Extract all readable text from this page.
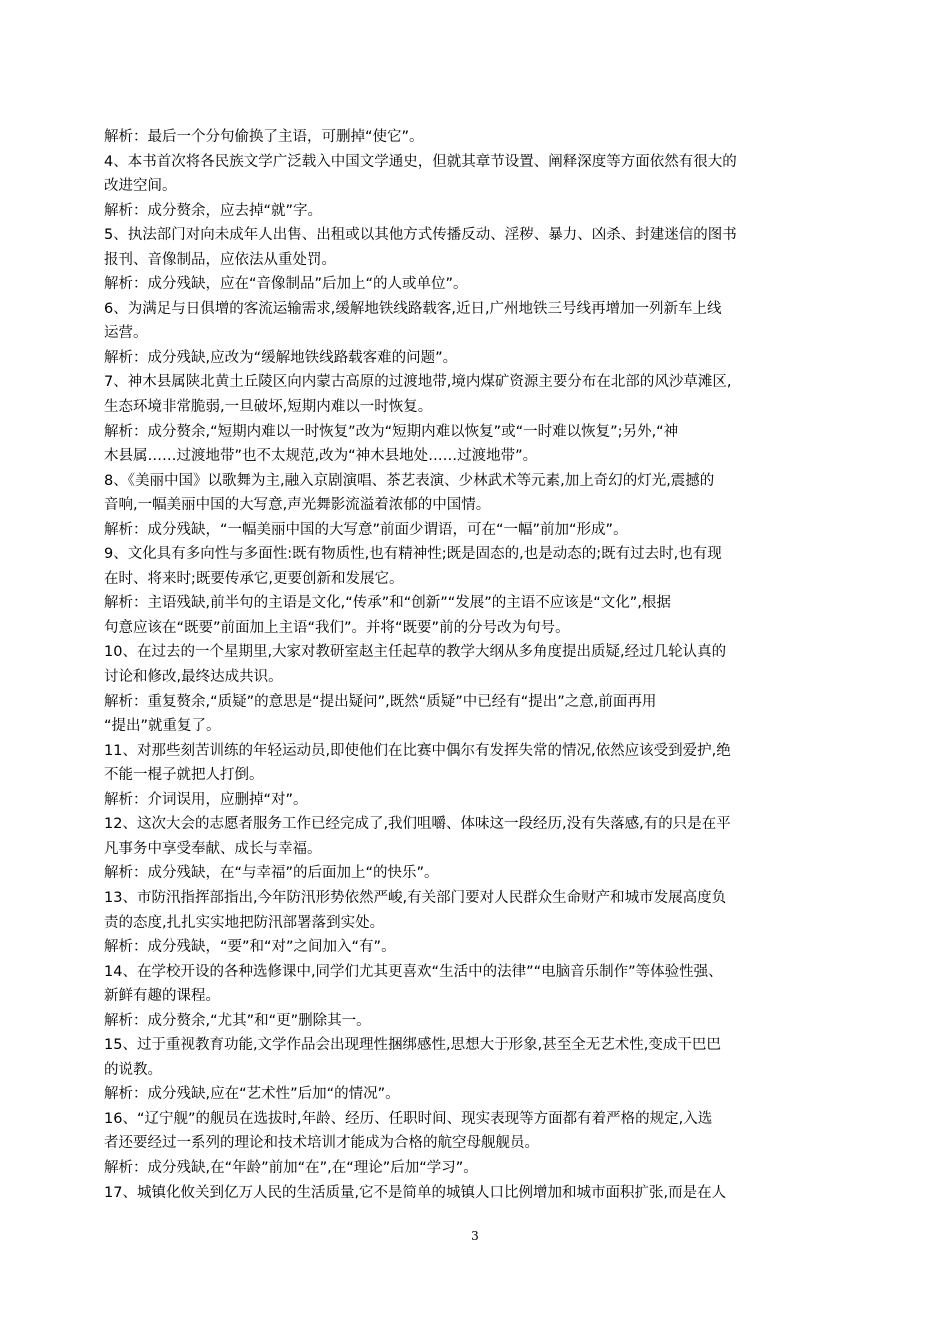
解析：最后一个分句偷换了主语，可删掉“使它”。
4、本书首次将各民族文学广泛载入中国文学通史，但就其章节设置、阐释深度等方面依然有很大的
改进空间。
解析：成分赘余，应去掉“就”字。
5、执法部门对向未成年人出售、出租或以其他方式传播反动、淫秽、暴力、凶杀、封建迷信的图书
报刊、音像制品，应依法从重处罚。
解析：成分残缺，应在“音像制品”后加上“的人或单位”。
6、为满足与日俱增的客流运输需求,缓解地铁线路载客,近日,广州地铁三号线再增加一列新车上线
运营。
解析：成分残缺,应改为“缓解地铁线路载客难的问题”。
7、神木县属陕北黄土丘陵区向内蒙古高原的过渡地带,境内煤矿资源主要分布在北部的风沙草滩区,
生态环境非常脆弱,一旦破坏,短期内难以一时恢复。
解析：成分赘余,“短期内难以一时恢复”改为“短期内难以恢复”或“一时难以恢复”;另外,“神
木县属……过渡地带”也不太规范,改为“神木县地处……过渡地带”。
8、《美丽中国》以歌舞为主,融入京剧演唱、茶艺表演、少林武术等元素,加上奇幻的灯光,震撼的
音响,一幅美丽中国的大写意,声光舞影流溢着浓郁的中国情。
解析：成分残缺，“一幅美丽中国的大写意”前面少谓语，可在“一幅”前加“形成”。
9、文化具有多向性与多面性:既有物质性,也有精神性;既是固态的,也是动态的;既有过去时,也有现
在时、将来时;既要传承它,更要创新和发展它。
解析：主语残缺,前半句的主语是文化,“传承”和“创新”“发展”的主语不应该是“文化”,根据
句意应该在“既要”前面加上主语“我们”。并将“既要”前的分号改为句号。
10、在过去的一个星期里,大家对教研室赵主任起草的教学大纲从多角度提出质疑,经过几轮认真的
讨论和修改,最终达成共识。
解析：重复赘余,“质疑”的意思是“提出疑问”,既然“质疑”中已经有“提出”之意,前面再用
“提出”就重复了。
11、对那些刻苦训练的年轻运动员,即使他们在比赛中偶尔有发挥失常的情况,依然应该受到爱护,绝
不能一棍子就把人打倒。
解析：介词误用，应删掉“对”。
12、这次大会的志愿者服务工作已经完成了,我们咀嚼、体味这一段经历,没有失落感,有的只是在平
凡事务中享受奉献、成长与幸福。
解析：成分残缺，在“与幸福”的后面加上“的快乐”。
13、市防汛指挥部指出,今年防汛形势依然严峻,有关部门要对人民群众生命财产和城市发展高度负
责的态度,扎扎实实地把防汛部署落到实处。
解析：成分残缺，“要”和“对”之间加入“有”。
14、在学校开设的各种选修课中,同学们尤其更喜欢“生活中的法律”“电脑音乐制作”等体验性强、
新鲜有趣的课程。
解析：成分赘余,“尤其”和“更”删除其一。
15、过于重视教育功能,文学作品会出现理性捆绑感性,思想大于形象,甚至全无艺术性,变成干巴巴
的说教。
解析：成分残缺,应在“艺术性”后加“的情况”。
16、“辽宁舰”的舰员在选拔时,年龄、经历、任职时间、现实表现等方面都有着严格的规定,入选
者还要经过一系列的理论和技术培训才能成为合格的航空母舰舰员。
解析：成分残缺,在“年龄”前加“在”,在“理论”后加“学习”。
17、城镇化攸关到亿万人民的生活质量,它不是简单的城镇人口比例增加和城市面积扩张,而是在人
3
